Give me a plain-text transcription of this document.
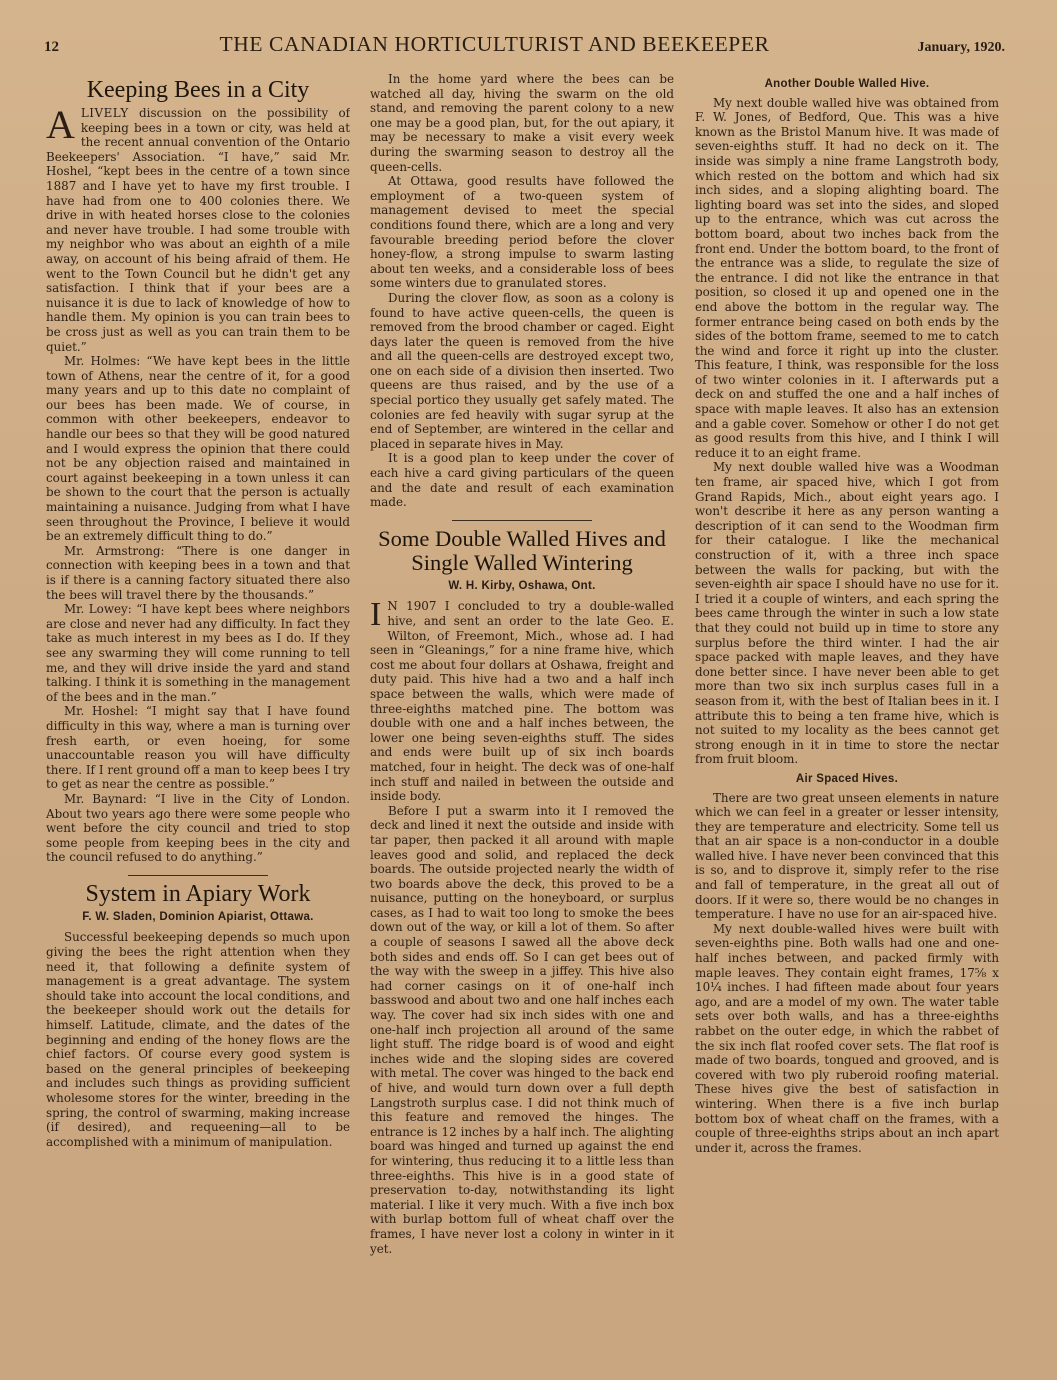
12	THE CANADIAN HORTICULTURIST AND BEEKEEPER	January, 1920.
Keeping Bees in a City

ALIVELY discussion on the possibility of keeping bees in a town or city, was held at the recent annual convention of the Ontario Beekeepers' Association. “I have,” said Mr. Hoshel, “kept bees in the centre of a town since 1887 and I have yet to have my first trouble. I have had from one to 400 colonies there. We drive in with heated horses close to the colonies and never have trouble. I had some trouble with my neighbor who was about an eighth of a mile away, on account of his being afraid of them. He went to the Town Council but he didn't get any satisfaction. I think that if your bees are a nuisance it is due to lack of knowledge of how to handle them. My opinion is you can train bees to be cross just as well as you can train them to be quiet.”

Mr. Holmes: “We have kept bees in the little town of Athens, near the centre of it, for a good many years and up to this date no complaint of our bees has been made. We of course, in common with other beekeepers, endeavor to handle our bees so that they will be good natured and I would express the opinion that there could not be any objection raised and maintained in court against beekeeping in a town unless it can be shown to the court that the person is actually maintaining a nuisance. Judging from what I have seen throughout the Province, I believe it would be an extremely difficult thing to do.”

Mr. Armstrong: “There is one danger in connection with keeping bees in a town and that is if there is a canning factory situated there also the bees will travel there by the thousands.”

Mr. Lowey: “I have kept bees where neighbors are close and never had any difficulty. In fact they take as much interest in my bees as I do. If they see any swarming they will come running to tell me, and they will drive inside the yard and stand talking. I think it is something in the management of the bees and in the man.”

Mr. Hoshel: “I might say that I have found difficulty in this way, where a man is turning over fresh earth, or even hoeing, for some unaccountable reason you will have difficulty there. If I rent ground off a man to keep bees I try to get as near the centre as possible.”

Mr. Baynard: “I live in the City of London. About two years ago there were some people who went before the city council and tried to stop some people from keeping bees in the city and the council refused to do anything.”

System in Apiary Work
F. W. Sladen, Dominion Apiarist, Ottawa.

Successful beekeeping depends so much upon giving the bees the right attention when they need it, that following a definite system of management is a great advantage. The system should take into account the local conditions, and the beekeeper should work out the details for himself. Latitude, climate, and the dates of the beginning and ending of the honey flows are the chief factors. Of course every good system is based on the general principles of beekeeping and includes such things as providing sufficient wholesome stores for the winter, breeding in the spring, the control of swarming, making increase (if desired), and requeening—all to be accomplished with a minimum of manipulation.

In the home yard where the bees can be watched all day, hiving the swarm on the old stand, and removing the parent colony to a new one may be a good plan, but, for the out apiary, it may be necessary to make a visit every week during the swarming season to destroy all the queen-cells.

At Ottawa, good results have followed the employment of a two-queen system of management devised to meet the special conditions found there, which are a long and very favourable breeding period before the clover honey-flow, a strong impulse to swarm lasting about ten weeks, and a considerable loss of bees some winters due to granulated stores.

During the clover flow, as soon as a colony is found to have active queen-cells, the queen is removed from the brood chamber or caged. Eight days later the queen is removed from the hive and all the queen-cells are destroyed except two, one on each side of a division then inserted. Two queens are thus raised, and by the use of a special portico they usually get safely mated. The colonies are fed heavily with sugar syrup at the end of September, are wintered in the cellar and placed in separate hives in May.

It is a good plan to keep under the cover of each hive a card giving particulars of the queen and the date and result of each examination made.

Some Double Walled Hives and Single Walled Wintering
W. H. Kirby, Oshawa, Ont.

I N 1907 I concluded to try a double-walled hive, and sent an order to the late Geo. E. Wilton, of Freemont, Mich., whose ad. I had seen in “Gleanings,” for a nine frame hive, which cost me about four dollars at Oshawa, freight and duty paid. This hive had a two and a half inch space between the walls, which were made of three-eighths matched pine. The bottom was double with one and a half inches between, the lower one being seven-eighths stuff. The sides and ends were built up of six inch boards matched, four in height. The deck was of one-half inch stuff and nailed in between the outside and inside body.

Before I put a swarm into it I removed the deck and lined it next the outside and inside with tar paper, then packed it all around with maple leaves good and solid, and replaced the deck boards. The outside projected nearly the width of two boards above the deck, this proved to be a nuisance, putting on the honeyboard, or surplus cases, as I had to wait too long to smoke the bees down out of the way, or kill a lot of them. So after a couple of seasons I sawed all the above deck both sides and ends off. So I can get bees out of the way with the sweep in a jiffey. This hive also had corner casings on it of one-half inch basswood and about two and one half inches each way. The cover had six inch sides with one and one-half inch projection all around of the same light stuff. The ridge board is of wood and eight inches wide and the sloping sides are covered with metal. The cover was hinged to the back end of hive, and would turn down over a full depth Langstroth surplus case. I did not think much of this feature and removed the hinges. The entrance is 12 inches by a half inch. The alighting board was hinged and turned up against the end for wintering, thus reducing it to a little less than three-eighths. This hive is in a good state of preservation to-day, notwithstanding its light material. I like it very much. With a five inch box with burlap bottom full of wheat chaff over the frames, I have never lost a colony in winter in it yet.

Another Double Walled Hive.

My next double walled hive was obtained from F. W. Jones, of Bedford, Que. This was a hive known as the Bristol Manum hive. It was made of seven-eighths stuff. It had no deck on it. The inside was simply a nine frame Langstroth body, which rested on the bottom and which had six inch sides, and a sloping alighting board. The lighting board was set into the sides, and sloped up to the entrance, which was cut across the bottom board, about two inches back from the front end. Under the bottom board, to the front of the entrance was a slide, to regulate the size of the entrance. I did not like the entrance in that position, so closed it up and opened one in the end above the bottom in the regular way. The former entrance being cased on both ends by the sides of the bottom frame, seemed to me to catch the wind and force it right up into the cluster. This feature, I think, was responsible for the loss of two winter colonies in it. I afterwards put a deck on and stuffed the one and a half inches of space with maple leaves. It also has an extension and a gable cover. Somehow or other I do not get as good results from this hive, and I think I will reduce it to an eight frame.

My next double walled hive was a Woodman ten frame, air spaced hive, which I got from Grand Rapids, Mich., about eight years ago. I won't describe it here as any person wanting a description of it can send to the Woodman firm for their catalogue. I like the mechanical construction of it, with a three inch space between the walls for packing, but with the seven-eighth air space I should have no use for it. I tried it a couple of winters, and each spring the bees came through the winter in such a low state that they could not build up in time to store any surplus before the third winter. I had the air space packed with maple leaves, and they have done better since. I have never been able to get more than two six inch surplus cases full in a season from it, with the best of Italian bees in it. I attribute this to being a ten frame hive, which is not suited to my locality as the bees cannot get strong enough in it in time to store the nectar from fruit bloom.

Air Spaced Hives.

There are two great unseen elements in nature which we can feel in a greater or lesser intensity, they are temperature and electricity. Some tell us that an air space is a non-conductor in a double walled hive. I have never been convinced that this is so, and to disprove it, simply refer to the rise and fall of temperature, in the great all out of doors. If it were so, there would be no changes in temperature. I have no use for an air-spaced hive.

My next double-walled hives were built with seven-eighths pine. Both walls had one and one-half inches between, and packed firmly with maple leaves. They contain eight frames, 17⅝ x 10¼ inches. I had fifteen made about four years ago, and are a model of my own. The water table sets over both walls, and has a three-eighths rabbet on the outer edge, in which the rabbet of the six inch flat roofed cover sets. The flat roof is made of two boards, tongued and grooved, and is covered with two ply ruberoid roofing material. These hives give the best of satisfaction in wintering. When there is a five inch burlap bottom box of wheat chaff on the frames, with a couple of three-eighths strips about an inch apart under it, across the frames.
